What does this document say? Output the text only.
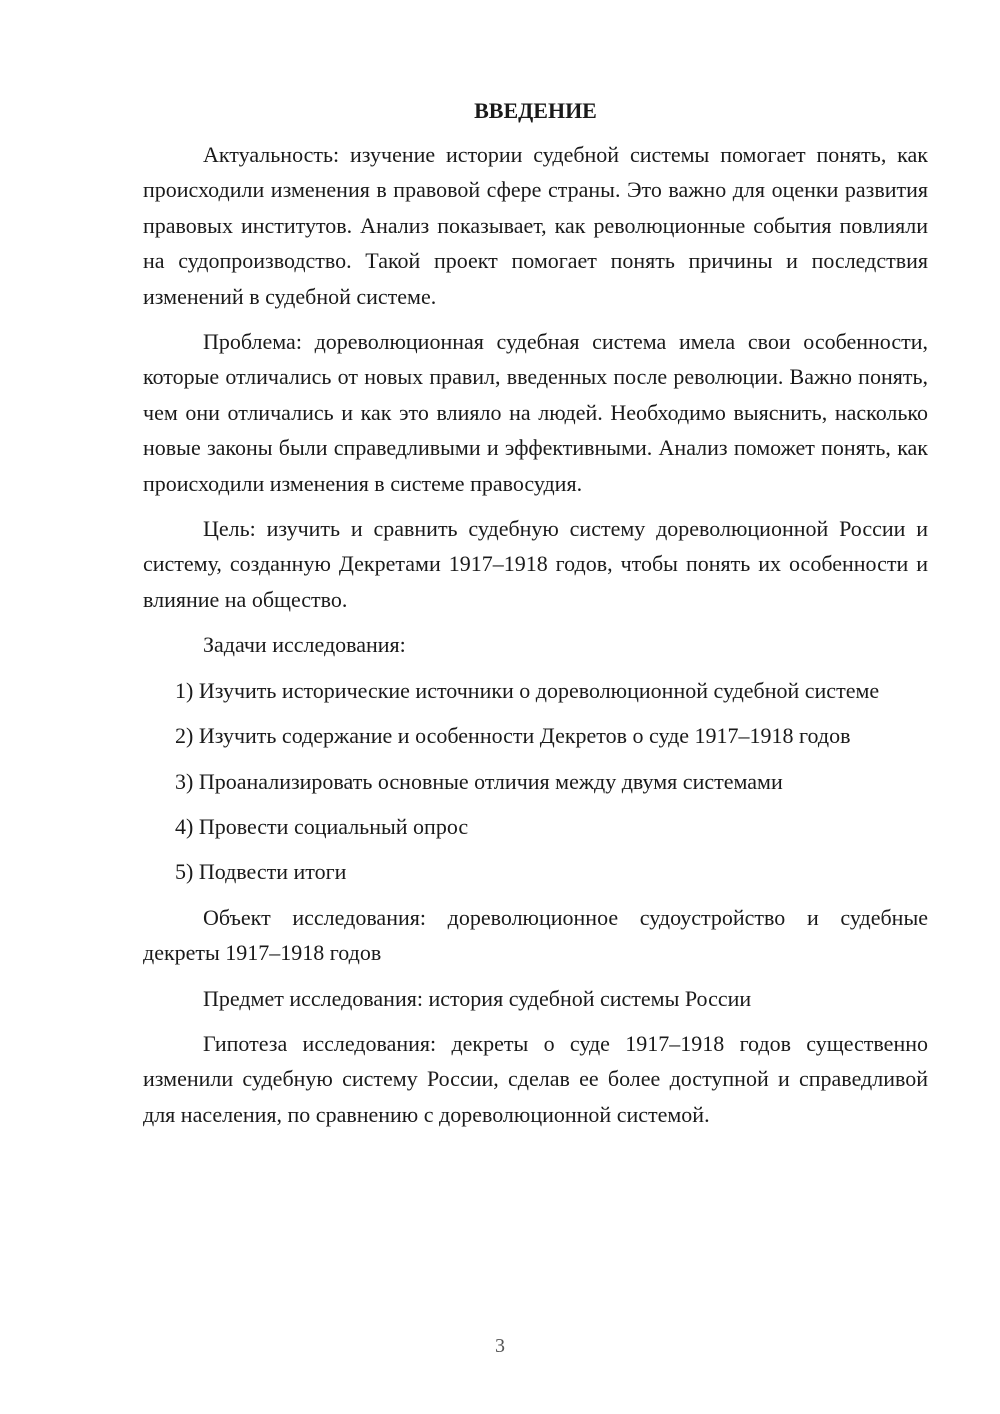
ВВЕДЕНИЕ

Актуальность: изучение истории судебной системы помогает понять, как происходили изменения в правовой сфере страны. Это важно для оценки развития правовых институтов. Анализ показывает, как революционные события повлияли на судопроизводство. Такой проект помогает понять причины и последствия изменений в судебной системе.

Проблема: дореволюционная судебная система имела свои особенности, которые отличались от новых правил, введенных после революции. Важно понять, чем они отличались и как это влияло на людей. Необходимо выяснить, насколько новые законы были справедливыми и эффективными. Анализ поможет понять, как происходили изменения в системе правосудия.

Цель: изучить и сравнить судебную систему дореволюционной России и систему, созданную Декретами 1917–1918 годов, чтобы понять их особенности и влияние на общество.

Задачи исследования:

1) Изучить исторические источники о дореволюционной судебной системе

2) Изучить содержание и особенности Декретов о суде 1917–1918 годов

3) Проанализировать основные отличия между двумя системами

4) Провести социальный опрос

5) Подвести итоги

Объект исследования: дореволюционное судоустройство и судебные декреты 1917–1918 годов

Предмет исследования: история судебной системы России

Гипотеза исследования: декреты о суде 1917–1918 годов существенно изменили судебную систему России, сделав ее более доступной и справедливой для населения, по сравнению с дореволюционной системой.

3
